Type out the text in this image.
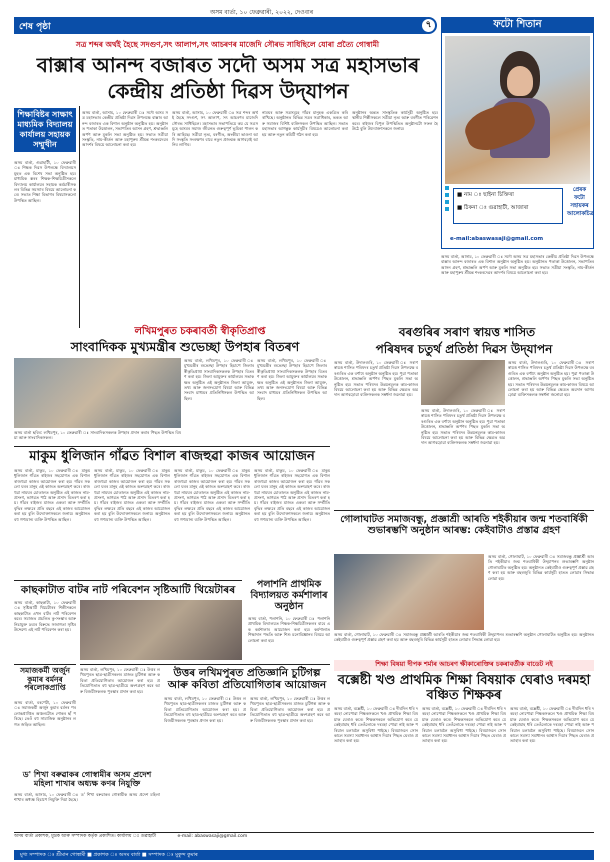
অসম বাৰ্তা, ১০ ফেব্ৰুৱাৰী, ২০২২, দেওবাৰ
শেষ পৃষ্ঠা	৭	ফটো শিতান
■ নাম ঃ ছাইনা চিক্তিৰা
■ ঠিকনা ঃ গুৱাহাটী, আজাৰা
প্ৰেৰক ফটো সহায়কৰ আলোকচিত্ৰ
e-mail:abaswasaji@gmail.com
সত্ৰ শব্দৰ অৰ্থই হৈছে সদগুণ,সৎ আলাপ,সৎ আচৰণৰ মাজেদি সৌৰভ সাধিছিলে যোৰা প্ৰত্যৈ গোস্বামী
বাক্সাৰ আনন্দ বজাৰত সদৌ অসম সত্ৰ মহাসভাৰ কেন্দ্ৰীয় প্ৰতিষ্ঠা দিৱস উদ্‌যাপন
শিক্ষাবিষ্টৰ সাক্ষাৎ মাধ্যমিক বিদ্যালয় কাৰ্যালয় সহায়ক সম্মুখীন
অসম বাৰ্তা, গুৱাহাটী, ১০ ফেব্ৰুৱাৰী ঃ শিক্ষক দিৱস উপলক্ষে বিদ্যালয়সমূহত এক বিশেষ সভা অনুষ্ঠিত হয়। মাধ্যমিক স্তৰৰ শিক্ষক-শিক্ষয়িত্ৰীসকলে বিদ্যালয় কাৰ্যালয়ৰ সহায়ক কৰ্মচাৰীসকলৰ বিভিন্ন সমস্যাৰ বিষয়ে আলোচনা কৰে। সভাত শিক্ষা বিভাগৰ বিষয়াসকলো উপস্থিত আছিল।
অসম বাৰ্তা, আসাম, ১০ ফেব্ৰুৱাৰী ঃ সদৌ অসম সত্ৰ মহাসভাৰ কেন্দ্ৰীয় প্ৰতিষ্ঠা দিৱস উপলক্ষে বাক্সাৰ আনন্দ বজাৰত এক বিশাল অনুষ্ঠান অনুষ্ঠিত হয়। অনুষ্ঠানত পতাকা উত্তোলন, সভাপতিৰ আসন গ্ৰহণ, শ্ৰদ্ধাঞ্জলি অৰ্পণ আৰু মুকলি সভা অনুষ্ঠিত হয়। সভাত সত্ৰীয়া সংস্কৃতি, নাম-কীৰ্তন আৰু মহাপুৰুষ শ্ৰীমন্ত শংকৰদেৱৰ আদৰ্শৰ বিষয়ে আলোচনা কৰা হয়।
অসম বাৰ্তা, আসাম, ১০ ফেব্ৰুৱাৰী ঃ সত্ৰ শব্দৰ অৰ্থই হৈছে সদগুণ, সৎ আলাপ, সৎ আচৰণৰ মাজেদি সৌৰভ সাধিছিলে। মহাসভাৰ সভাপতিয়ে কয় যে সত্ৰসমূহে অসমৰ সমাজ জীৱনত গুৰুত্বপূৰ্ণ ভূমিকা পালন কৰি আহিছে। সত্ৰীয়া নৃত্য, বৰগীত, অংকীয়া ভাওনা আদি সংস্কৃতি সংৰক্ষণৰ বাবে নতুন প্ৰজন্মক আগবঢ়াই আনিব লাগিব।
নামঘৰ আৰু সত্ৰসমূহে গাঁৱৰ মানুহক একত্ৰিত কৰি ৰাখিছে। অনুষ্ঠানত বিভিন্ন সত্ৰৰ সত্ৰাধিকাৰ, ভকত আৰু সমাজৰ বিশিষ্ট ব্যক্তিসকল উপস্থিত আছিল। সভাত মহাসভাৰ আগন্তুক কাৰ্যসূচীৰ বিষয়েও আলোচনা কৰা হয় আৰু নতুন কমিটি গঠন কৰা হয়।
অনুষ্ঠানৰ অন্তত সাংস্কৃতিক কাৰ্যসূচী অনুষ্ঠিত হয়। স্থানীয় শিল্পীসকলে সত্ৰীয়া নৃত্য আৰু বৰগীত পৰিৱেশন কৰে। ৰাইজৰ বিপুল উপস্থিতিত অনুষ্ঠানটো সফল হৈ উঠে বুলি উদ্যোক্তাসকলে জনায়।
অসম বাৰ্তা, আসাম, ১০ ফেব্ৰুৱাৰী ঃ সদৌ অসম সত্ৰ মহাসভাৰ কেন্দ্ৰীয় প্ৰতিষ্ঠা দিৱস উপলক্ষে বাক্সাৰ আনন্দ বজাৰত এক বিশাল অনুষ্ঠান অনুষ্ঠিত হয়। অনুষ্ঠানত পতাকা উত্তোলন, সভাপতিৰ আসন গ্ৰহণ, শ্ৰদ্ধাঞ্জলি অৰ্পণ আৰু মুকলি সভা অনুষ্ঠিত হয়। সভাত সত্ৰীয়া সংস্কৃতি, নাম-কীৰ্তন আৰু মহাপুৰুষ শ্ৰীমন্ত শংকৰদেৱৰ আদৰ্শৰ বিষয়ে আলোচনা কৰা হয়।
লখিমপুৰত চকৰাবৰ্তী স্বীকৃতিপ্ৰাপ্ত
সাংবাদিকক মুখ্যমন্ত্ৰীৰ শুভেচ্ছা উপহাৰ বিতৰণ
অসম বাৰ্তা ছবিৰ: লখিমপুৰ, ১০ ফেব্ৰুৱাৰী ঃ সাংবাদিকসকলক উপহাৰ প্ৰদান কৰাৰ পিছত উপস্থিত বিষয়া আৰু সাংবাদিকসকল।
অসম বাৰ্তা, লখিমপুৰ, ১০ ফেব্ৰুৱাৰী ঃ মুখ্যমন্ত্ৰীৰ শুভেচ্ছা উপহাৰ হিচাপে জিলাৰ স্বীকৃতিপ্ৰাপ্ত সাংবাদিকসকলক উপহাৰ বিতৰণ কৰা হয়। জিলা আয়ুক্তৰ কাৰ্যালয়ৰ সভাকক্ষত অনুষ্ঠিত এই অনুষ্ঠানত জিলা আয়ুক্ত, তথ্য আৰু জনসংযোগ বিষয়া আৰু বিভিন্ন সংবাদ মাধ্যমৰ প্ৰতিনিধিসকল উপস্থিত আছিল।
অসম বাৰ্তা, লখিমপুৰ, ১০ ফেব্ৰুৱাৰী ঃ মুখ্যমন্ত্ৰীৰ শুভেচ্ছা উপহাৰ হিচাপে জিলাৰ স্বীকৃতিপ্ৰাপ্ত সাংবাদিকসকলক উপহাৰ বিতৰণ কৰা হয়। জিলা আয়ুক্তৰ কাৰ্যালয়ৰ সভাকক্ষত অনুষ্ঠিত এই অনুষ্ঠানত জিলা আয়ুক্ত, তথ্য আৰু জনসংযোগ বিষয়া আৰু বিভিন্ন সংবাদ মাধ্যমৰ প্ৰতিনিধিসকল উপস্থিত আছিল।
বৰগুৰিৰ সৰাণ স্বায়ত্ত শাসিত
পৰিষদৰ চতুৰ্থ প্ৰতিষ্ঠা দিৱস উদ্‌যাপন
অসম বাৰ্তা, উদালগুৰি, ১০ ফেব্ৰুৱাৰী ঃ সৰাণ স্বায়ত্ত শাসিত পৰিষদৰ চতুৰ্থ প্ৰতিষ্ঠা দিৱস উপলক্ষে বৰগুৰিত এক বৰ্ণাঢ্য অনুষ্ঠান অনুষ্ঠিত হয়। পুৱা পতাকা উত্তোলন, শ্ৰদ্ধাঞ্জলি অৰ্পণৰ পিছত মুকলি সভা অনুষ্ঠিত হয়। সভাত পৰিষদৰ উন্নয়নমূলক কাম-কাজৰ বিষয়ে আলোচনা কৰা হয় আৰু বিভিন্ন ক্ষেত্ৰত অৱদান আগবঢ়োৱা ব্যক্তিসকলক সম্বৰ্ধনা জনোৱা হয়।
অসম বাৰ্তা, উদালগুৰি, ১০ ফেব্ৰুৱাৰী ঃ সৰাণ স্বায়ত্ত শাসিত পৰিষদৰ চতুৰ্থ প্ৰতিষ্ঠা দিৱস উপলক্ষে বৰগুৰিত এক বৰ্ণাঢ্য অনুষ্ঠান অনুষ্ঠিত হয়। পুৱা পতাকা উত্তোলন, শ্ৰদ্ধাঞ্জলি অৰ্পণৰ পিছত মুকলি সভা অনুষ্ঠিত হয়। সভাত পৰিষদৰ উন্নয়নমূলক কাম-কাজৰ বিষয়ে আলোচনা কৰা হয় আৰু বিভিন্ন ক্ষেত্ৰত অৱদান আগবঢ়োৱা ব্যক্তিসকলক সম্বৰ্ধনা জনোৱা হয়।
অসম বাৰ্তা, উদালগুৰি, ১০ ফেব্ৰুৱাৰী ঃ সৰাণ স্বায়ত্ত শাসিত পৰিষদৰ চতুৰ্থ প্ৰতিষ্ঠা দিৱস উপলক্ষে বৰগুৰিত এক বৰ্ণাঢ্য অনুষ্ঠান অনুষ্ঠিত হয়। পুৱা পতাকা উত্তোলন, শ্ৰদ্ধাঞ্জলি অৰ্পণৰ পিছত মুকলি সভা অনুষ্ঠিত হয়। সভাত পৰিষদৰ উন্নয়নমূলক কাম-কাজৰ বিষয়ে আলোচনা কৰা হয় আৰু বিভিন্ন ক্ষেত্ৰত অৱদান আগবঢ়োৱা ব্যক্তিসকলক সম্বৰ্ধনা জনোৱা হয়।
মাকুম ধুলিজান গাঁৱত বিশাল ৰাজহুৱা কাজৰ আয়োজন
অসম বাৰ্তা, মাকুম, ১০ ফেব্ৰুৱাৰী ঃ মাকুম ধুলিজান গাঁৱত ৰাইজৰ সহযোগত এক বিশাল ৰাজহুৱা কাজৰ আয়োজন কৰা হয়। গাঁৱৰ সকলো ঘৰৰ মানুহ এই কাজত অংশগ্ৰহণ কৰে। ৰাজহুৱা নামঘৰ চোতালত অনুষ্ঠিত এই কাজত নাম-প্ৰসংগ, ভাগৱত পাঠ আৰু প্ৰসাদ বিতৰণ কৰা হয়। গাঁৱৰ ৰাইজৰ মাজত একতা আৰু সম্প্ৰীতি বৃদ্ধিৰ লক্ষ্যৰে প্ৰতি বছৰে এই কাজৰ আয়োজন কৰা হয় বুলি উদ্যোক্তাসকলে জনায়। অনুষ্ঠানত বহু গণ্যমান্য ব্যক্তি উপস্থিত আছিল।
অসম বাৰ্তা, মাকুম, ১০ ফেব্ৰুৱাৰী ঃ মাকুম ধুলিজান গাঁৱত ৰাইজৰ সহযোগত এক বিশাল ৰাজহুৱা কাজৰ আয়োজন কৰা হয়। গাঁৱৰ সকলো ঘৰৰ মানুহ এই কাজত অংশগ্ৰহণ কৰে। ৰাজহুৱা নামঘৰ চোতালত অনুষ্ঠিত এই কাজত নাম-প্ৰসংগ, ভাগৱত পাঠ আৰু প্ৰসাদ বিতৰণ কৰা হয়। গাঁৱৰ ৰাইজৰ মাজত একতা আৰু সম্প্ৰীতি বৃদ্ধিৰ লক্ষ্যৰে প্ৰতি বছৰে এই কাজৰ আয়োজন কৰা হয় বুলি উদ্যোক্তাসকলে জনায়। অনুষ্ঠানত বহু গণ্যমান্য ব্যক্তি উপস্থিত আছিল।
অসম বাৰ্তা, মাকুম, ১০ ফেব্ৰুৱাৰী ঃ মাকুম ধুলিজান গাঁৱত ৰাইজৰ সহযোগত এক বিশাল ৰাজহুৱা কাজৰ আয়োজন কৰা হয়। গাঁৱৰ সকলো ঘৰৰ মানুহ এই কাজত অংশগ্ৰহণ কৰে। ৰাজহুৱা নামঘৰ চোতালত অনুষ্ঠিত এই কাজত নাম-প্ৰসংগ, ভাগৱত পাঠ আৰু প্ৰসাদ বিতৰণ কৰা হয়। গাঁৱৰ ৰাইজৰ মাজত একতা আৰু সম্প্ৰীতি বৃদ্ধিৰ লক্ষ্যৰে প্ৰতি বছৰে এই কাজৰ আয়োজন কৰা হয় বুলি উদ্যোক্তাসকলে জনায়। অনুষ্ঠানত বহু গণ্যমান্য ব্যক্তি উপস্থিত আছিল।
অসম বাৰ্তা, মাকুম, ১০ ফেব্ৰুৱাৰী ঃ মাকুম ধুলিজান গাঁৱত ৰাইজৰ সহযোগত এক বিশাল ৰাজহুৱা কাজৰ আয়োজন কৰা হয়। গাঁৱৰ সকলো ঘৰৰ মানুহ এই কাজত অংশগ্ৰহণ কৰে। ৰাজহুৱা নামঘৰ চোতালত অনুষ্ঠিত এই কাজত নাম-প্ৰসংগ, ভাগৱত পাঠ আৰু প্ৰসাদ বিতৰণ কৰা হয়। গাঁৱৰ ৰাইজৰ মাজত একতা আৰু সম্প্ৰীতি বৃদ্ধিৰ লক্ষ্যৰে প্ৰতি বছৰে এই কাজৰ আয়োজন কৰা হয় বুলি উদ্যোক্তাসকলে জনায়। অনুষ্ঠানত বহু গণ্যমান্য ব্যক্তি উপস্থিত আছিল।	গোলাঘাটত সমাজবন্ধু, প্ৰজ্ঞাশ্ৰী আৰতি শইকীয়াৰ জন্ম শতবাৰ্ষিকী শুভাৰম্ভণি অনুষ্ঠান আৰম্ভ: কেইবাটাও প্ৰস্তাৱ গ্ৰহণ
অসম বাৰ্তা, গোলাঘাট, ১০ ফেব্ৰুৱাৰী ঃ সমাজবন্ধু প্ৰজ্ঞাশ্ৰী আৰতি শইকীয়াৰ জন্ম শতবাৰ্ষিকী উদ্‌যাপনৰ শুভাৰম্ভণি অনুষ্ঠান গোলাঘাটত অনুষ্ঠিত হয়। অনুষ্ঠানত কেইবাটাও গুৰুত্বপূৰ্ণ প্ৰস্তাৱ গ্ৰহণ কৰা হয় আৰু বছৰজুৰি বিভিন্ন কাৰ্যসূচী হাতত লোৱাৰ সিদ্ধান্ত লোৱা হয়।
অসম বাৰ্তা, গোলাঘাট, ১০ ফেব্ৰুৱাৰী ঃ সমাজবন্ধু প্ৰজ্ঞাশ্ৰী আৰতি শইকীয়াৰ জন্ম শতবাৰ্ষিকী উদ্‌যাপনৰ শুভাৰম্ভণি অনুষ্ঠান গোলাঘাটত অনুষ্ঠিত হয়। অনুষ্ঠানত কেইবাটাও গুৰুত্বপূৰ্ণ প্ৰস্তাৱ গ্ৰহণ কৰা হয় আৰু বছৰজুৰি বিভিন্ন কাৰ্যসূচী হাতত লোৱাৰ সিদ্ধান্ত লোৱা হয়।
কাছকাটাত বাটৰ নাট পৰিবেশন সৃষ্টিআটি থিয়েটাৰৰ
অসম বাৰ্তা, কাছকাটা, ১০ ফেব্ৰুৱাৰী ঃ সৃষ্টিআটি থিয়েটাৰৰ শিল্পীসকলে কাছকাটাত এখন বাটৰ নাট পৰিবেশন কৰে। সমাজত প্ৰচলিত কু-সংস্কাৰ আৰু নিচাযুক্ত দ্ৰব্যৰ বিৰুদ্ধে সজাগতা সৃষ্টিৰ উদ্দেশ্যে এই নাট পৰিবেশন কৰা হয়।
পলাশনি প্ৰাথমিক বিদ্যালয়ত কৰ্মশালাৰ অনুষ্ঠান
অসম বাৰ্তা, পলাশনি, ১০ ফেব্ৰুৱাৰী ঃ পলাশনি প্ৰাথমিক বিদ্যালয়ত শিক্ষক-শিক্ষয়িত্ৰীসকলৰ বাবে এক কৰ্মশালাৰ আয়োজন কৰা হয়। কৰ্মশালাত শিক্ষাদান পদ্ধতি আৰু শিশু মনোবিজ্ঞানৰ বিষয়ে আলোচনা কৰা হয়।
সমাজকৰ্মী অৰ্জুন কুমাৰ বৰ্মনৰ পৰলোকপ্ৰাপ্তি
অসম বাৰ্তা, বৰপেটা, ১০ ফেব্ৰুৱাৰী ঃ সমাজকৰ্মী অৰ্জুন কুমাৰ বৰ্মনৰ পৰলোকপ্ৰাপ্তিত অঞ্চলটোত শোকৰ ছাঁ পৰিছে। তেওঁ বহু সামাজিক অনুষ্ঠানৰ লগত জড়িত আছিল।
অসম বাৰ্তা, লখিমপুৰ, ১০ ফেব্ৰুৱাৰী ঃ উত্তৰ লখিমপুৰত ছাত্ৰ-ছাত্ৰীসকলৰ মাজত চুটিগল্প আৰু কবিতা প্ৰতিযোগিতাৰ আয়োজন কৰা হয়। প্ৰতিযোগিতাত বহু ছাত্ৰ-ছাত্ৰীয়ে অংশগ্ৰহণ কৰে আৰু বিজয়ীসকলক পুৰস্কাৰ প্ৰদান কৰা হয়।
উত্তৰ লখিমপুৰত প্ৰতিজ্ঞানি চুটিগল্প আৰু কবিতা প্ৰতিযোগিতাৰ আয়োজন
অসম বাৰ্তা, লখিমপুৰ, ১০ ফেব্ৰুৱাৰী ঃ উত্তৰ লখিমপুৰত ছাত্ৰ-ছাত্ৰীসকলৰ মাজত চুটিগল্প আৰু কবিতা প্ৰতিযোগিতাৰ আয়োজন কৰা হয়। প্ৰতিযোগিতাত বহু ছাত্ৰ-ছাত্ৰীয়ে অংশগ্ৰহণ কৰে আৰু বিজয়ীসকলক পুৰস্কাৰ প্ৰদান কৰা হয়।
অসম বাৰ্তা, লখিমপুৰ, ১০ ফেব্ৰুৱাৰী ঃ উত্তৰ লখিমপুৰত ছাত্ৰ-ছাত্ৰীসকলৰ মাজত চুটিগল্প আৰু কবিতা প্ৰতিযোগিতাৰ আয়োজন কৰা হয়। প্ৰতিযোগিতাত বহু ছাত্ৰ-ছাত্ৰীয়ে অংশগ্ৰহণ কৰে আৰু বিজয়ীসকলক পুৰস্কাৰ প্ৰদান কৰা হয়।
ড' শিখা বৰুৱাকৰ গোস্বামীৰ অসম প্ৰদেশ মহিলা শাখাৰ অধ্যক্ষ কণৰ নিযুক্তি
অসম বাৰ্তা, আসাম, ১০ ফেব্ৰুৱাৰী ঃ ড' শিখা বৰুৱাকৰ গোস্বামীক অসম প্ৰদেশ মহিলা শাখাৰ অধ্যক্ষ হিচাপে নিযুক্তি দিয়া হৈছে।
শিক্ষা বিষয়া দীপক শৰ্মাৰ আচৰণ ক্ষীকাৰোক্তিৰ চকৰাবৰ্তীক বাডেট নই
বক্সেষ্টী খণ্ড প্ৰাথমিক শিক্ষা বিষয়াক ঘেৰাও দৰমহা বঞ্চিত শিক্ষকৰ
অসম বাৰ্তা, বক্সেষ্টী, ১০ ফেব্ৰুৱাৰী ঃ দীৰ্ঘদিন ধৰি দৰমহা নোপোৱা শিক্ষকসকলে খণ্ড প্ৰাথমিক শিক্ষা বিষয়াক ঘেৰাও কৰে। শিক্ষকসকলে অভিযোগ কৰে যে কেইবামাহ ধৰি তেওঁলোকে দৰমহা পোৱা নাই আৰু পৰিয়াল চলাবলৈ অসুবিধা পাইছে। বিষয়াজনে সোনকালে সমস্যা সমাধানৰ আশ্বাস দিয়াৰ পিছত ঘেৰাও প্ৰত্যাহাৰ কৰা হয়।
অসম বাৰ্তা, বক্সেষ্টী, ১০ ফেব্ৰুৱাৰী ঃ দীৰ্ঘদিন ধৰি দৰমহা নোপোৱা শিক্ষকসকলে খণ্ড প্ৰাথমিক শিক্ষা বিষয়াক ঘেৰাও কৰে। শিক্ষকসকলে অভিযোগ কৰে যে কেইবামাহ ধৰি তেওঁলোকে দৰমহা পোৱা নাই আৰু পৰিয়াল চলাবলৈ অসুবিধা পাইছে। বিষয়াজনে সোনকালে সমস্যা সমাধানৰ আশ্বাস দিয়াৰ পিছত ঘেৰাও প্ৰত্যাহাৰ কৰা হয়।
অসম বাৰ্তা, বক্সেষ্টী, ১০ ফেব্ৰুৱাৰী ঃ দীৰ্ঘদিন ধৰি দৰমহা নোপোৱা শিক্ষকসকলে খণ্ড প্ৰাথমিক শিক্ষা বিষয়াক ঘেৰাও কৰে। শিক্ষকসকলে অভিযোগ কৰে যে কেইবামাহ ধৰি তেওঁলোকে দৰমহা পোৱা নাই আৰু পৰিয়াল চলাবলৈ অসুবিধা পাইছে। বিষয়াজনে সোনকালে সমস্যা সমাধানৰ আশ্বাস দিয়াৰ পিছত ঘেৰাও প্ৰত্যাহাৰ কৰা হয়।
অসম বাৰ্তা প্ৰকাশক, মুদ্ৰক আৰু সম্পাদক কৰ্তৃক প্ৰকাশিত। কাৰ্যালয় ঃ গুৱাহাটী	e-mail: abaswasaji@gmail.com
মুখ্য সম্পাদক ঃ শ্ৰীমান গোস্বামী ■ প্ৰকাশক ঃ অসম বাৰ্তা ■ সম্পাদক ঃ মুকুন্দ কুমাৰ
